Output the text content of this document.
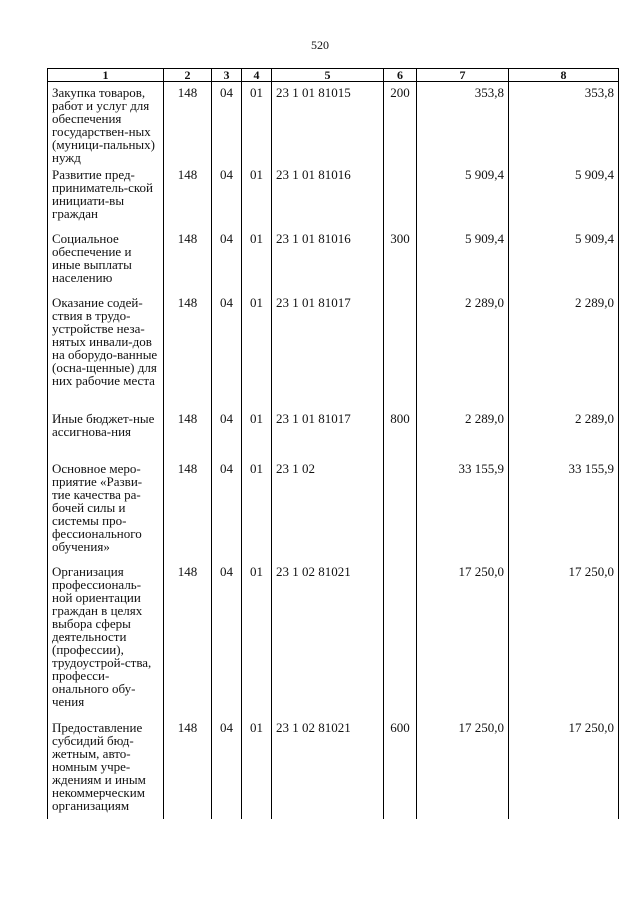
520
1	2	3	4	5	6	7	8
Закупка товаров, работ и услуг для обеспечения государствен-ных (муници-пальных) нужд	148	04	01	23 1 01 81015	200	353,8	353,8
Развитие пред-приниматель-ской инициати-вы граждан	148	04	01	23 1 01 81016		5 909,4	5 909,4
Социальное обеспечение и иные выплаты населению	148	04	01	23 1 01 81016	300	5 909,4	5 909,4
Оказание содей-ствия в трудо-устройстве неза-нятых инвали-дов на оборудо-ванные (осна-щенные) для них рабочие места	148	04	01	23 1 01 81017		2 289,0	2 289,0
Иные бюджет-ные ассигнова-ния	148	04	01	23 1 01 81017	800	2 289,0	2 289,0
Основное меро-приятие «Разви-тие качества ра-бочей силы и системы про-фессионального обучения»	148	04	01	23 1 02		33 155,9	33 155,9
Организация профессиональ-ной ориентации граждан в целях выбора сферы деятельности (профессии), трудоустрой-ства, професси-онального обу-чения	148	04	01	23 1 02 81021		17 250,0	17 250,0
Предоставление субсидий бюд-жетным, авто-номным учре-ждениям и иным некоммерческим организациям	148	04	01	23 1 02 81021	600	17 250,0	17 250,0
